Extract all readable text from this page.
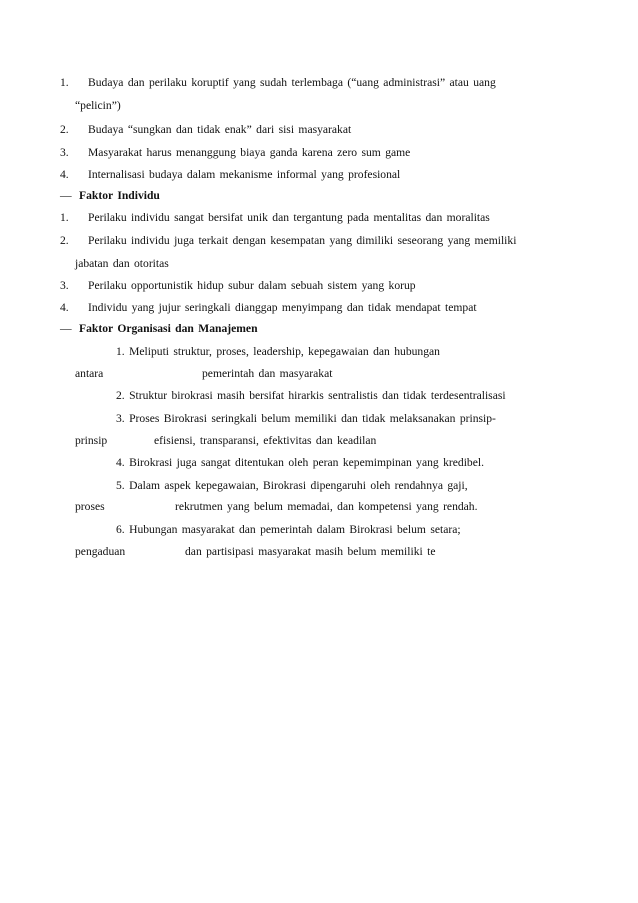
1. Budaya dan perilaku koruptif yang sudah terlembaga (“uang administrasi” atau uang
“pelicin”)
2. Budaya “sungkan dan tidak enak” dari sisi masyarakat
3. Masyarakat harus menanggung biaya ganda karena zero sum game
4. Internalisasi budaya dalam mekanisme informal yang profesional
— Faktor Individu
1. Perilaku individu sangat bersifat unik dan tergantung pada mentalitas dan moralitas
2. Perilaku individu juga terkait dengan kesempatan yang dimiliki seseorang yang memiliki
jabatan dan otoritas
3. Perilaku opportunistik hidup subur dalam sebuah sistem yang korup
4. Individu yang jujur seringkali dianggap menyimpang dan tidak mendapat tempat
— Faktor Organisasi dan Manajemen
1. Meliputi struktur, proses, leadership, kepegawaian dan hubungan
antara	pemerintah dan masyarakat
2. Struktur birokrasi masih bersifat hirarkis sentralistis dan tidak terdesentralisasi
3. Proses Birokrasi seringkali belum memiliki dan tidak melaksanakan prinsip-
prinsip	efisiensi, transparansi, efektivitas dan keadilan
4. Birokrasi juga sangat ditentukan oleh peran kepemimpinan yang kredibel.
5. Dalam aspek kepegawaian, Birokrasi dipengaruhi oleh rendahnya gaji,
proses	rekrutmen yang belum memadai, dan kompetensi yang rendah.
6. Hubungan masyarakat dan pemerintah dalam Birokrasi belum setara;
pengaduan	dan partisipasi masyarakat masih belum memiliki te
